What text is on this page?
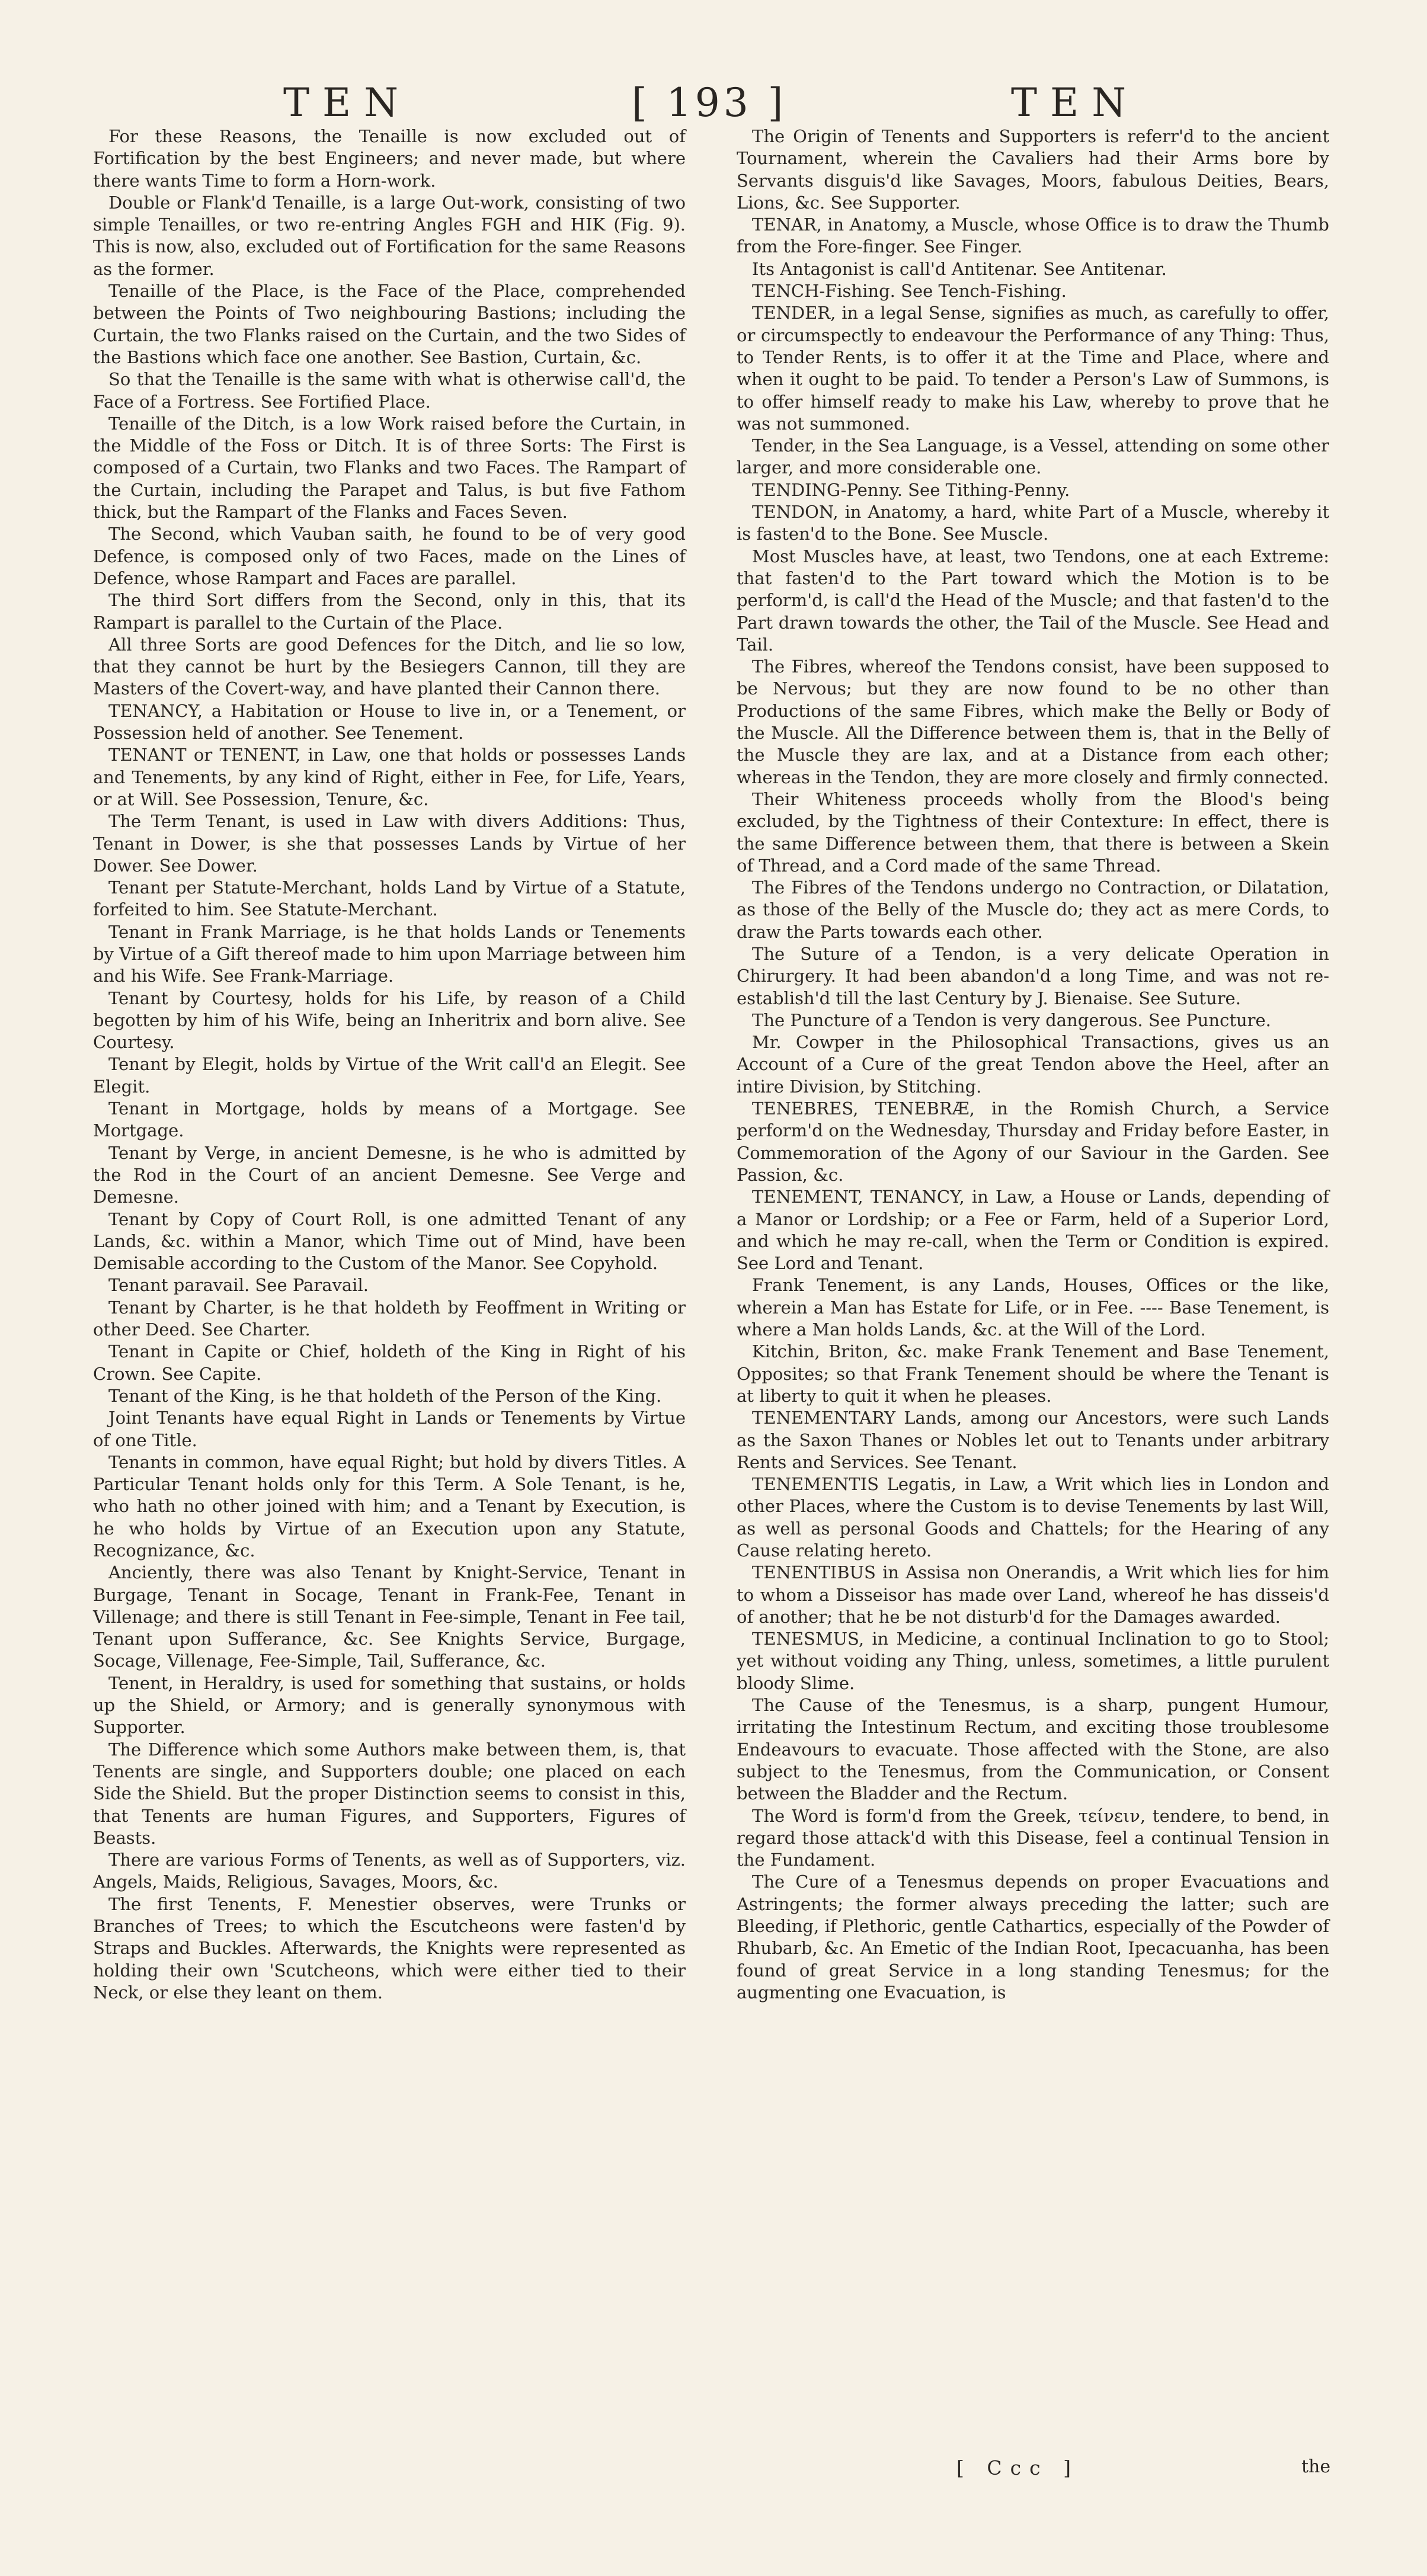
TEN	[ 193 ]	TEN

For these Reasons, the Tenaille is now excluded out of Fortification by the best Engineers; and never made, but where there wants Time to form a Horn-work.

Double or Flank'd Tenaille, is a large Out-work, consisting of two simple Tenailles, or two re-entring Angles FGH and HIK (Fig. 9). This is now, also, excluded out of Fortification for the same Reasons as the former.

Tenaille of the Place, is the Face of the Place, comprehended between the Points of Two neighbouring Bastions; including the Curtain, the two Flanks raised on the Curtain, and the two Sides of the Bastions which face one another. See Bastion, Curtain, &c.

So that the Tenaille is the same with what is otherwise call'd, the Face of a Fortress. See Fortified Place.

Tenaille of the Ditch, is a low Work raised before the Curtain, in the Middle of the Foss or Ditch. It is of three Sorts: The First is composed of a Curtain, two Flanks and two Faces. The Rampart of the Curtain, including the Parapet and Talus, is but five Fathom thick, but the Rampart of the Flanks and Faces Seven.

The Second, which Vauban saith, he found to be of very good Defence, is composed only of two Faces, made on the Lines of Defence, whose Rampart and Faces are parallel.

The third Sort differs from the Second, only in this, that its Rampart is parallel to the Curtain of the Place.

All three Sorts are good Defences for the Ditch, and lie so low, that they cannot be hurt by the Besiegers Cannon, till they are Masters of the Covert-way, and have planted their Cannon there.

TENANCY, a Habitation or House to live in, or a Tenement, or Possession held of another. See Tenement.

TENANT or TENENT, in Law, one that holds or possesses Lands and Tenements, by any kind of Right, either in Fee, for Life, Years, or at Will. See Possession, Tenure, &c.

The Term Tenant, is used in Law with divers Additions: Thus, Tenant in Dower, is she that possesses Lands by Virtue of her Dower. See Dower.

Tenant per Statute-Merchant, holds Land by Virtue of a Statute, forfeited to him. See Statute-Merchant.

Tenant in Frank Marriage, is he that holds Lands or Tenements by Virtue of a Gift thereof made to him upon Marriage between him and his Wife. See Frank-Marriage.

Tenant by Courtesy, holds for his Life, by reason of a Child begotten by him of his Wife, being an Inheritrix and born alive. See Courtesy.

Tenant by Elegit, holds by Virtue of the Writ call'd an Elegit. See Elegit.

Tenant in Mortgage, holds by means of a Mortgage. See Mortgage.

Tenant by Verge, in ancient Demesne, is he who is admitted by the Rod in the Court of an ancient Demesne. See Verge and Demesne.

Tenant by Copy of Court Roll, is one admitted Tenant of any Lands, &c. within a Manor, which Time out of Mind, have been Demisable according to the Custom of the Manor. See Copyhold.

Tenant paravail. See Paravail.

Tenant by Charter, is he that holdeth by Feoffment in Writing or other Deed. See Charter.

Tenant in Capite or Chief, holdeth of the King in Right of his Crown. See Capite.

Tenant of the King, is he that holdeth of the Person of the King.

Joint Tenants have equal Right in Lands or Tenements by Virtue of one Title.

Tenants in common, have equal Right; but hold by divers Titles. A Particular Tenant holds only for this Term. A Sole Tenant, is he, who hath no other joined with him; and a Tenant by Execution, is he who holds by Virtue of an Execution upon any Statute, Recognizance, &c.

Anciently, there was also Tenant by Knight-Service, Tenant in Burgage, Tenant in Socage, Tenant in Frank-Fee, Tenant in Villenage; and there is still Tenant in Fee-simple, Tenant in Fee tail, Tenant upon Sufferance, &c. See Knights Service, Burgage, Socage, Villenage, Fee-Simple, Tail, Sufferance, &c.

Tenent, in Heraldry, is used for something that sustains, or holds up the Shield, or Armory; and is generally synonymous with Supporter.

The Difference which some Authors make between them, is, that Tenents are single, and Supporters double; one placed on each Side the Shield. But the proper Distinction seems to consist in this, that Tenents are human Figures, and Supporters, Figures of Beasts.

There are various Forms of Tenents, as well as of Supporters, viz. Angels, Maids, Religious, Savages, Moors, &c.

The first Tenents, F. Menestier observes, were Trunks or Branches of Trees; to which the Escutcheons were fasten'd by Straps and Buckles. Afterwards, the Knights were represented as holding their own 'Scutcheons, which were either tied to their Neck, or else they leant on them.

The Origin of Tenents and Supporters is referr'd to the ancient Tournament, wherein the Cavaliers had their Arms bore by Servants disguis'd like Savages, Moors, fabulous Deities, Bears, Lions, &c. See Supporter.

TENAR, in Anatomy, a Muscle, whose Office is to draw the Thumb from the Fore-finger. See Finger.

Its Antagonist is call'd Antitenar. See Antitenar.

TENCH-Fishing. See Tench-Fishing.

TENDER, in a legal Sense, signifies as much, as carefully to offer, or circumspectly to endeavour the Performance of any Thing: Thus, to Tender Rents, is to offer it at the Time and Place, where and when it ought to be paid. To tender a Person's Law of Summons, is to offer himself ready to make his Law, whereby to prove that he was not summoned.

Tender, in the Sea Language, is a Vessel, attending on some other larger, and more considerable one.

TENDING-Penny. See Tithing-Penny.

TENDON, in Anatomy, a hard, white Part of a Muscle, whereby it is fasten'd to the Bone. See Muscle.

Most Muscles have, at least, two Tendons, one at each Extreme: that fasten'd to the Part toward which the Motion is to be perform'd, is call'd the Head of the Muscle; and that fasten'd to the Part drawn towards the other, the Tail of the Muscle. See Head and Tail.

The Fibres, whereof the Tendons consist, have been supposed to be Nervous; but they are now found to be no other than Productions of the same Fibres, which make the Belly or Body of the Muscle. All the Difference between them is, that in the Belly of the Muscle they are lax, and at a Distance from each other; whereas in the Tendon, they are more closely and firmly connected.

Their Whiteness proceeds wholly from the Blood's being excluded, by the Tightness of their Contexture: In effect, there is the same Difference between them, that there is between a Skein of Thread, and a Cord made of the same Thread.

The Fibres of the Tendons undergo no Contraction, or Dilatation, as those of the Belly of the Muscle do; they act as mere Cords, to draw the Parts towards each other.

The Suture of a Tendon, is a very delicate Operation in Chirurgery. It had been abandon'd a long Time, and was not re-establish'd till the last Century by J. Bienaise. See Suture.

The Puncture of a Tendon is very dangerous. See Puncture.

Mr. Cowper in the Philosophical Transactions, gives us an Account of a Cure of the great Tendon above the Heel, after an intire Division, by Stitching.

TENEBRES, TENEBRÆ, in the Romish Church, a Service perform'd on the Wednesday, Thursday and Friday before Easter, in Commemoration of the Agony of our Saviour in the Garden. See Passion, &c.

TENEMENT, TENANCY, in Law, a House or Lands, depending of a Manor or Lordship; or a Fee or Farm, held of a Superior Lord, and which he may re-call, when the Term or Condition is expired. See Lord and Tenant.

Frank Tenement, is any Lands, Houses, Offices or the like, wherein a Man has Estate for Life, or in Fee. ---- Base Tenement, is where a Man holds Lands, &c. at the Will of the Lord.

Kitchin, Briton, &c. make Frank Tenement and Base Tenement, Opposites; so that Frank Tenement should be where the Tenant is at liberty to quit it when he pleases.

TENEMENTARY Lands, among our Ancestors, were such Lands as the Saxon Thanes or Nobles let out to Tenants under arbitrary Rents and Services. See Tenant.

TENEMENTIS Legatis, in Law, a Writ which lies in London and other Places, where the Custom is to devise Tenements by last Will, as well as personal Goods and Chattels; for the Hearing of any Cause relating hereto.

TENENTIBUS in Assisa non Onerandis, a Writ which lies for him to whom a Disseisor has made over Land, whereof he has disseis'd of another; that he be not disturb'd for the Damages awarded.

TENESMUS, in Medicine, a continual Inclination to go to Stool; yet without voiding any Thing, unless, sometimes, a little purulent bloody Slime.

The Cause of the Tenesmus, is a sharp, pungent Humour, irritating the Intestinum Rectum, and exciting those troublesome Endeavours to evacuate. Those affected with the Stone, are also subject to the Tenesmus, from the Communication, or Consent between the Bladder and the Rectum.

The Word is form'd from the Greek, τείνειν, tendere, to bend, in regard those attack'd with this Disease, feel a continual Tension in the Fundament.

The Cure of a Tenesmus depends on proper Evacuations and Astringents; the former always preceding the latter; such are Bleeding, if Plethoric, gentle Cathartics, especially of the Powder of Rhubarb, &c. An Emetic of the Indian Root, Ipecacuanha, has been found of great Service in a long standing Tenesmus; for the augmenting one Evacuation, is

[ Ccc ]	the
